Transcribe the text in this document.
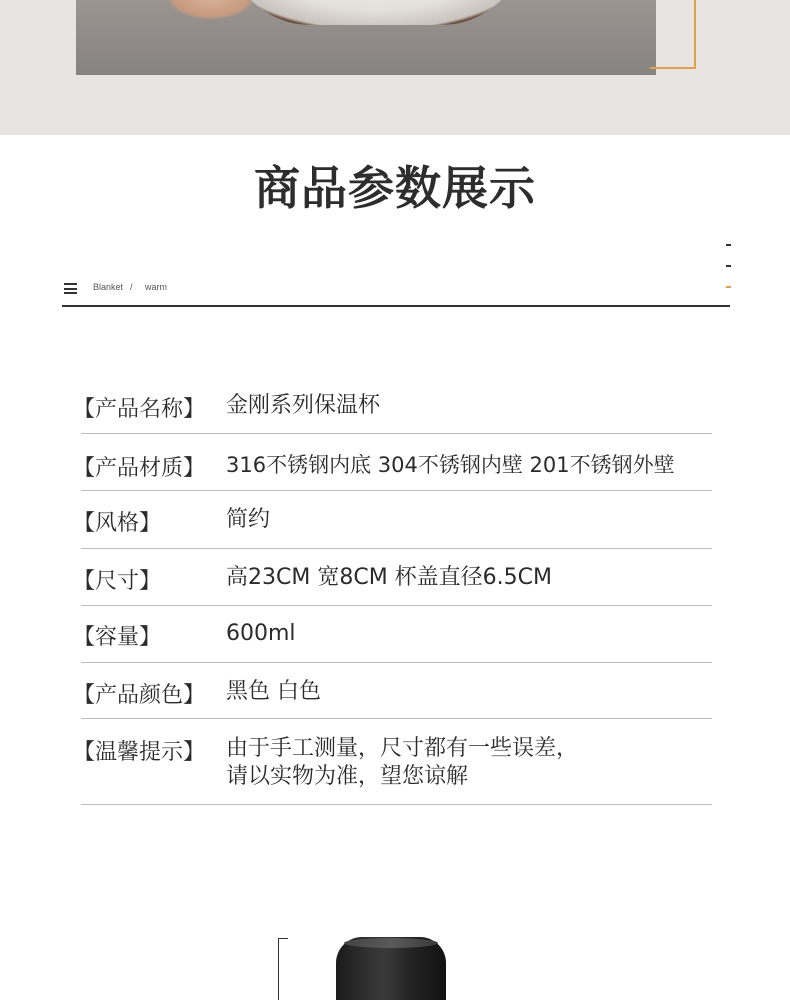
商品参数展示
Blanket / warm
【产品名称】 金刚系列保温杯
【产品材质】 316不锈钢内底 304不锈钢内壁 201不锈钢外壁
【风格】	简约
【尺寸】	高23CM 宽8CM 杯盖直径6.5CM
【容量】	600ml
【产品颜色】 黑色 白色
【温馨提示】 由于手工测量，尺寸都有一些误差，
请以实物为准，望您谅解
